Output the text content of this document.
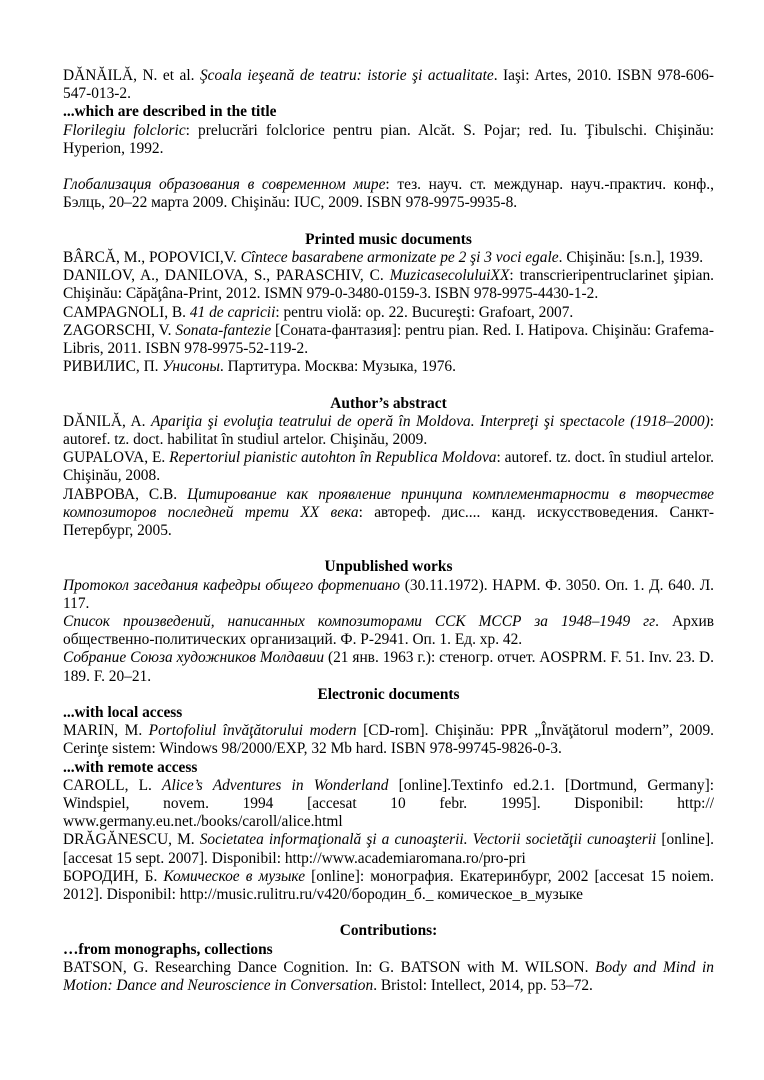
DĂNĂILĂ, N. et al. Şcoala ieşeană de teatru: istorie şi actualitate. Iaşi: Artes, 2010. ISBN 978-606-547-013-2.

...which are described in the title

Florilegiu folcloric: prelucrări folclorice pentru pian. Alcăt. S. Pojar; red. Iu. Ţibulschi. Chişinău: Hyperion, 1992.

Глобализация образования в современном мире: тез. науч. ст. междунар. науч.-практич. конф., Бэлць, 20–22 марта 2009. Chişinău: IUC, 2009. ISBN 978-9975-9935-8.

Printed music documents

BÂRCĂ, M., POPOVICI,V. Cîntece basarabene armonizate pe 2 şi 3 voci egale. Chişinău: [s.n.], 1939.

DANILOV, A., DANILOVA, S., PARASCHIV, C. MuzicasecoluluiXX: transcrieripentruclarinet şipian. Chişinău: Căpăţâna-Print, 2012. ISMN 979-0-3480-0159-3. ISBN 978-9975-4430-1-2.

CAMPAGNOLI, B. 41 de capricii: pentru violă: op. 22. Bucureşti: Grafoart, 2007.

ZAGORSCHI, V. Sonata-fantezie [Соната-фантазия]: pentru pian. Red. I. Hatipova. Chişinău: Grafema-Libris, 2011. ISBN 978-9975-52-119-2.

РИВИЛИС, П. Унисоны. Партитура. Москва: Музыка, 1976.

Author’s abstract

DĂNILĂ, A. Apariţia şi evoluţia teatrului de operă în Moldova. Interpreţi şi spectacole (1918–2000): autoref. tz. doct. habilitat în studiul artelor. Chişinău, 2009.

GUPALOVA, E. Repertoriul pianistic autohton în Republica Moldova: autoref. tz. doct. în studiul artelor. Chişinău, 2008.

ЛАВРОВА, С.В. Цитирование как проявление принципа комплементарности в творчестве композиторов последней трети XX века: автореф. дис.... канд. искусствоведения. Санкт-Петербург, 2005.

Unpublished works

Протокол заседания кафедры общего фортепиано (30.11.1972). НАРМ. Ф. 3050. Оп. 1. Д. 640. Л. 117.

Список произведений, написанных композиторами ССК МССР за 1948–1949 гг. Архив общественно-политических организаций. Ф. Р-2941. Оп. 1. Ед. хр. 42.

Собрание Союза художников Молдавии (21 янв. 1963 г.): стеногр. отчет. AOSPRM. F. 51. Inv. 23. D. 189. F. 20–21.

Electronic documents

...with local access

MARIN, M. Portofoliul învăţătorului modern [CD-rom]. Chişinău: PPR „Învăţătorul modern”, 2009. Cerinţe sistem: Windows 98/2000/EXP, 32 Mb hard. ISBN 978-99745-9826-0-3.

...with remote access

CAROLL, L. Alice’s Adventures in Wonderland [online].Textinfo ed.2.1. [Dortmund, Germany]: Windspiel, novem. 1994 [accesat 10 febr. 1995]. Disponibil: http://​www.germany.eu.net./books/caroll/alice.html

DRĂGĂNESCU, M. Societatea informaţională şi a cunoaşterii. Vectorii societăţii cunoaşterii [online]. [accesat 15 sept. 2007]. Disponibil: http://www.academiaromana.ro/pro-pri

БОРОДИН, Б. Комическое в музыке [online]: монография. Екатеринбург, 2002 [accesat 15 noiem. 2012]. Disponibil: http://music.rulitru.ru/v420/бородин_б._ комическое_в_музыке

Contributions:

…from monographs, collections

BATSON, G. Researching Dance Cognition. In: G. BATSON with M. WILSON. Body and Mind in Motion: Dance and Neuroscience in Conversation. Bristol: Intellect, 2014, pp. 53–72.
